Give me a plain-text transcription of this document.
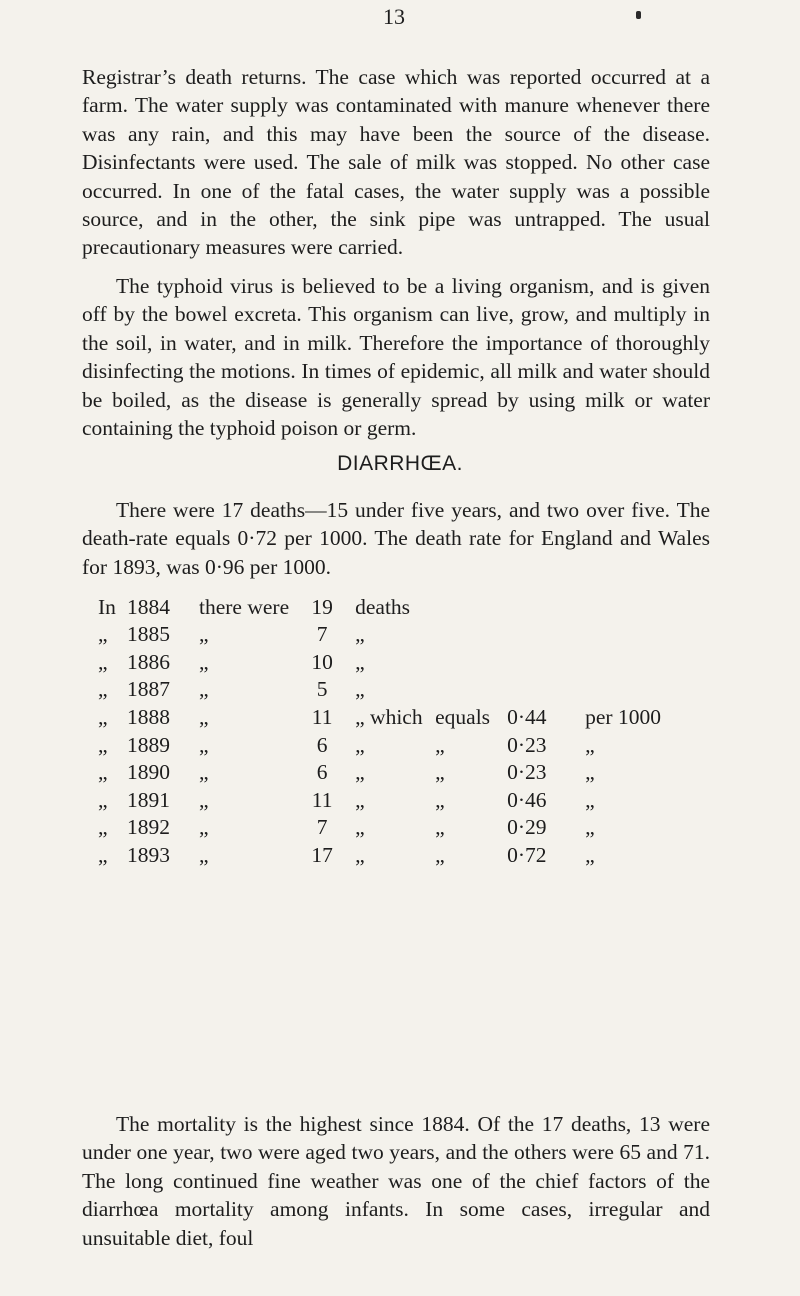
13

Registrar’s death returns. The case which was reported occurred at a farm. The water supply was contaminated with manure whenever there was any rain, and this may have been the source of the disease. Disinfectants were used. The sale of milk was stopped. No other case occurred. In one of the fatal cases, the water supply was a possible source, and in the other, the sink pipe was untrapped. The usual precautionary measures were carried.

The typhoid virus is believed to be a living organism, and is given off by the bowel excreta. This organism can live, grow, and multiply in the soil, in water, and in milk. Therefore the importance of thoroughly disinfecting the motions. In times of epidemic, all milk and water should be boiled, as the disease is generally spread by using milk or water containing the typhoid poison or germ.

DIARRHŒA.

There were 17 deaths—15 under five years, and two over five. The death-rate equals 0·72 per 1000. The death rate for England and Wales for 1893, was 0·96 per 1000.

In	1884	there were	19	deaths			
„	1885	„	7	„			
„	1886	„	10	„			
„	1887	„	5	„			
„	1888	„	11	„ which	equals	0·44	per 1000
„	1889	„	6	„	„	0·23	„
„	1890	„	6	„	„	0·23	„
„	1891	„	11	„	„	0·46	„
„	1892	„	7	„	„	0·29	„
„	1893	„	17	„	„	0·72	„

The mortality is the highest since 1884. Of the 17 deaths, 13 were under one year, two were aged two years, and the others were 65 and 71. The long continued fine weather was one of the chief factors of the diarrhœa mortality among infants. In some cases, irregular and unsuitable diet, foul
